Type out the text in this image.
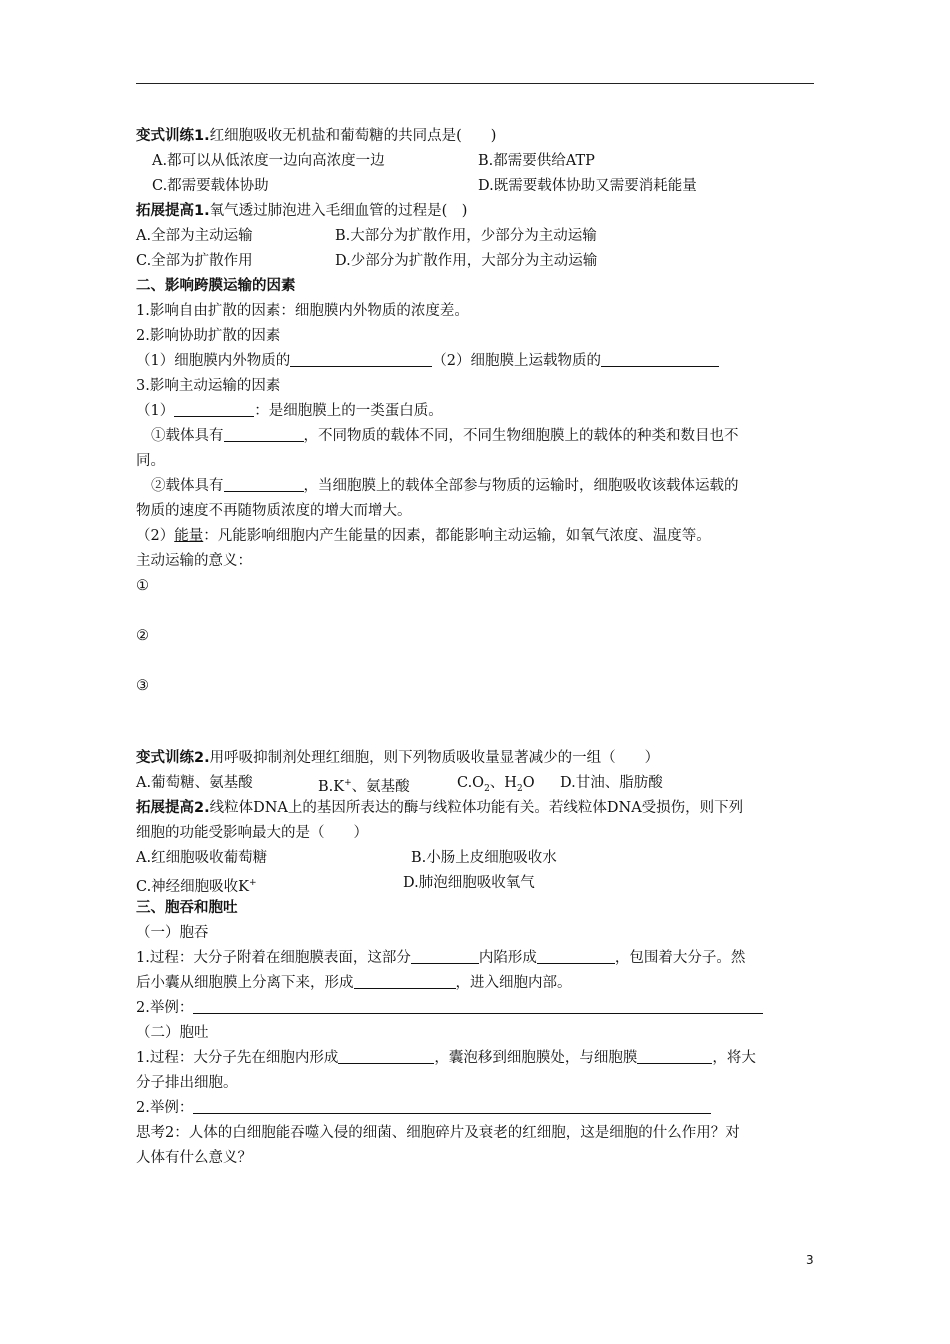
变式训练1.红细胞吸收无机盐和葡萄糖的共同点是(　　)
A.都可以从低浓度一边向高浓度一边	B.都需要供给ATP
C.都需要载体协助	D.既需要载体协助又需要消耗能量
拓展提高1.氧气透过肺泡进入毛细血管的过程是(　)
A.全部为主动运输	B.大部分为扩散作用，少部分为主动运输
C.全部为扩散作用	D.少部分为扩散作用，大部分为主动运输
二、影响跨膜运输的因素
1.影响自由扩散的因素：细胞膜内外物质的浓度差。
2.影响协助扩散的因素
（1）细胞膜内外物质的	（2）细胞膜上运载物质的
3.影响主动运输的因素
（1）	：是细胞膜上的一类蛋白质。
①载体具有	，不同物质的载体不同，不同生物细胞膜上的载体的种类和数目也不
同。
②载体具有	，当细胞膜上的载体全部参与物质的运输时，细胞吸收该载体运载的
物质的速度不再随物质浓度的增大而增大。
（2）能量：凡能影响细胞内产生能量的因素，都能影响主动运输，如氧气浓度、温度等。
主动运输的意义：
①
②
③
变式训练2.用呼吸抑制剂处理红细胞，则下列物质吸收量显著减少的一组（　　）
A.葡萄糖、氨基酸	B.K+、氨基酸	$C.O_2$、$H_2O$ D.甘油、脂肪酸
拓展提高2.线粒体DNA上的基因所表达的酶与线粒体功能有关。若线粒体DNA受损伤，则下列
细胞的功能受影响最大的是（　　）
A.红细胞吸收葡萄糖	B.小肠上皮细胞吸收水
C.神经细胞吸收K+	D.肺泡细胞吸收氧气
三、胞吞和胞吐
（一）胞吞
1.过程：大分子附着在细胞膜表面，这部分	内陷形成	，包围着大分子。然
后小囊从细胞膜上分离下来，形成	，进入细胞内部。
2.举例：
（二）胞吐
1.过程：大分子先在细胞内形成	，囊泡移到细胞膜处，与细胞膜	，将大
分子排出细胞。
2.举例：
思考2：人体的白细胞能吞噬入侵的细菌、细胞碎片及衰老的红细胞，这是细胞的什么作用？对
人体有什么意义？
3
